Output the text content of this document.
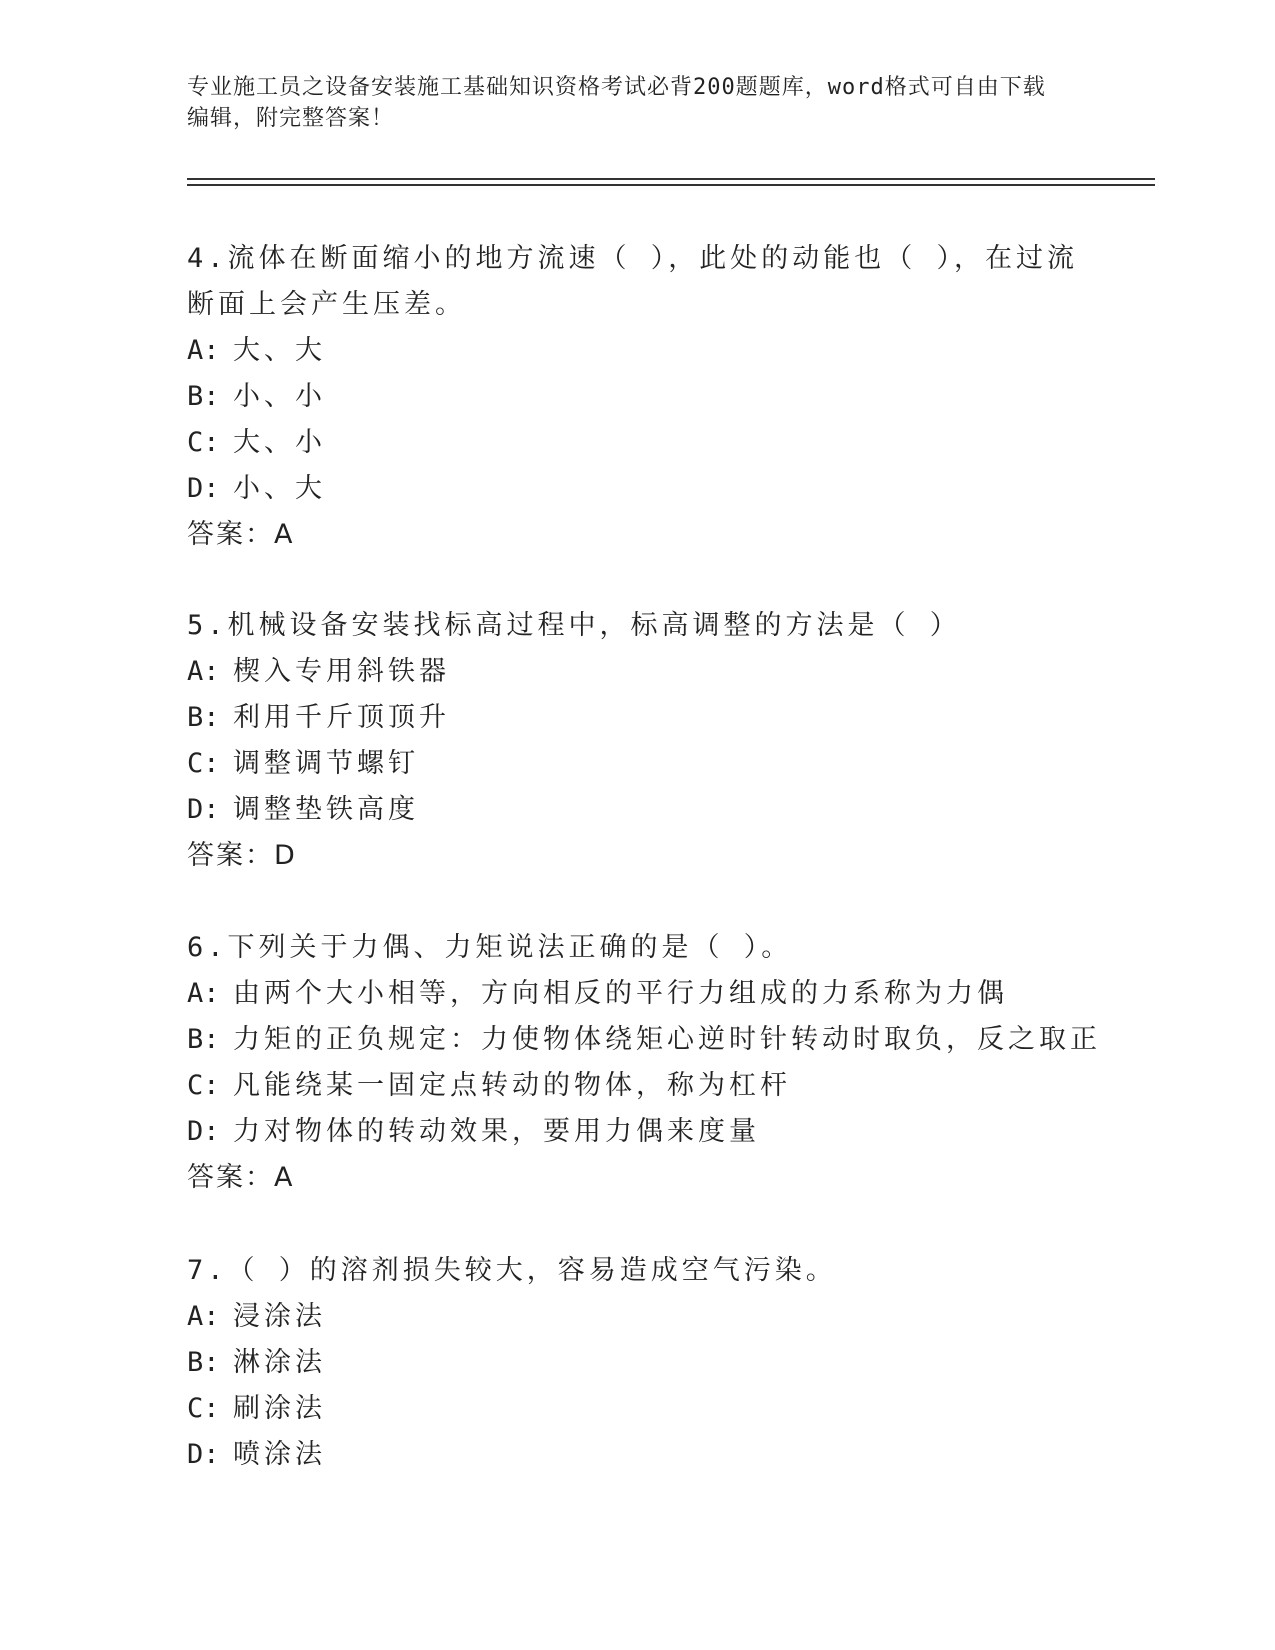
专业施工员之设备安装施工基础知识资格考试必背200题题库，word格式可自由下载编辑，附完整答案！

4.流体在断面缩小的地方流速（ ），此处的动能也（ ），在过流断面上会产生压差。

A: 大、大

B: 小、小

C: 大、小

D: 小、大

答案：A

5.机械设备安装找标高过程中，标高调整的方法是（ ）

A: 楔入专用斜铁器

B: 利用千斤顶顶升

C: 调整调节螺钉

D: 调整垫铁高度

答案：D

6.下列关于力偶、力矩说法正确的是（ ）。

A: 由两个大小相等，方向相反的平行力组成的力系称为力偶

B: 力矩的正负规定：力使物体绕矩心逆时针转动时取负，反之取正

C: 凡能绕某一固定点转动的物体，称为杠杆

D: 力对物体的转动效果，要用力偶来度量

答案：A

7.（ ）的溶剂损失较大，容易造成空气污染。

A: 浸涂法

B: 淋涂法

C: 刷涂法

D: 喷涂法
